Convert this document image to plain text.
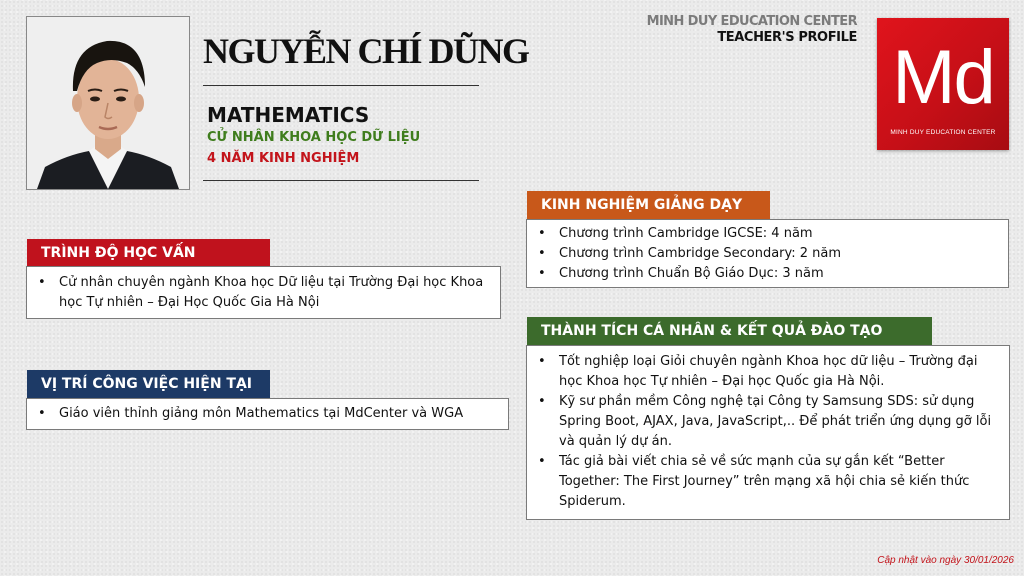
NGUYỄN CHÍ DŨNG
MATHEMATICS
CỬ NHÂN KHOA HỌC DỮ LIỆU
4 NĂM KINH NGHIỆM
MINH DUY EDUCATION CENTER
TEACHER'S PROFILE Md
MINH DUY EDUCATION CENTER
TRÌNH ĐỘ HỌC VẤN
• Cử nhân chuyên ngành Khoa học Dữ liệu tại Trường Đại học Khoa học Tự nhiên – Đại Học Quốc Gia Hà Nội
VỊ TRÍ CÔNG VIỆC HIỆN TẠI
• Giáo viên thỉnh giảng môn Mathematics tại MdCenter và WGA
KINH NGHIỆM GIẢNG DẠY
• Chương trình Cambridge IGCSE: 4 năm
• Chương trình Cambridge Secondary: 2 năm
• Chương trình Chuẩn Bộ Giáo Dục: 3 năm
THÀNH TÍCH CÁ NHÂN & KẾT QUẢ ĐÀO TẠO
• Tốt nghiệp loại Giỏi chuyên ngành Khoa học dữ liệu – Trường đại học Khoa học Tự nhiên – Đại học Quốc gia Hà Nội.
• Kỹ sư phần mềm Công nghệ tại Công ty Samsung SDS: sử dụng Spring Boot, AJAX, Java, JavaScript,.. Để phát triển ứng dụng gỡ lỗi và quản lý dự án.
• Tác giả bài viết chia sẻ về sức mạnh của sự gắn kết “Better Together: The First Journey” trên mạng xã hội chia sẻ kiến thức Spiderum.
Cập nhật vào ngày 30/01/2026
